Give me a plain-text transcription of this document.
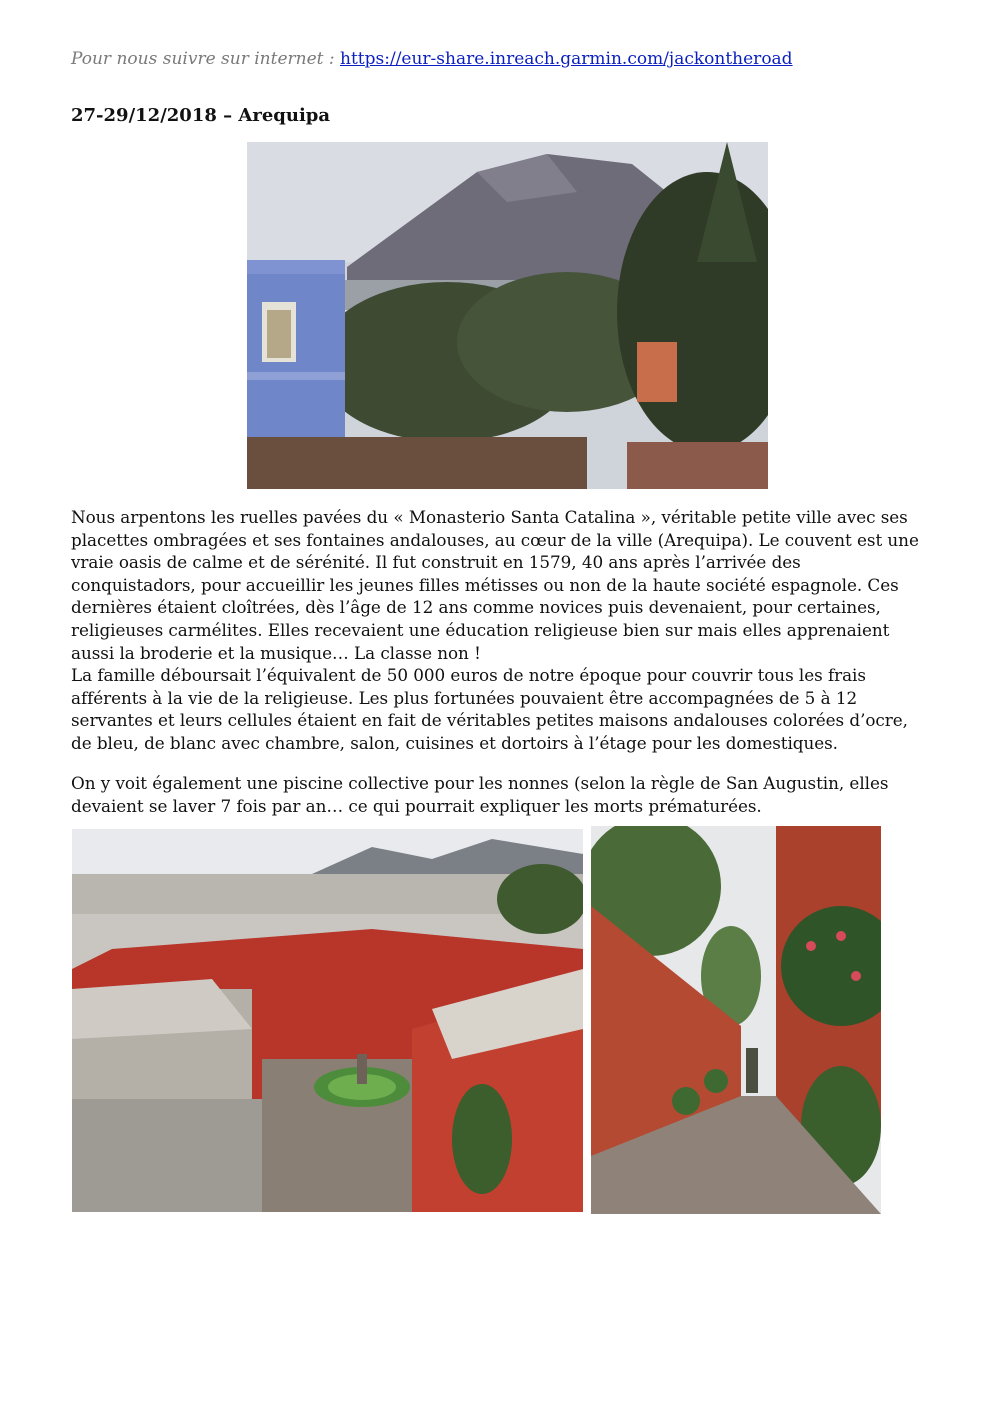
Pour nous suivre sur internet : https://eur-share.inreach.garmin.com/jackontheroad
27-29/12/2018 – Arequipa

Nous arpentons les ruelles pavées du « Monasterio Santa Catalina », véritable petite ville avec ses

placettes ombragées et ses fontaines andalouses, au cœur de la ville (Arequipa). Le couvent est une

vraie oasis de calme et de sérénité. Il fut construit en 1579, 40 ans après l’arrivée des

conquistadors, pour accueillir les jeunes filles métisses ou non de la haute société espagnole. Ces

dernières étaient cloîtrées, dès l’âge de 12 ans comme novices puis devenaient, pour certaines,

religieuses carmélites. Elles recevaient une éducation religieuse bien sur mais elles apprenaient

aussi la broderie et la musique… La classe non !

La famille déboursait l’équivalent de 50 000 euros de notre époque pour couvrir tous les frais

afférents à la vie de la religieuse. Les plus fortunées pouvaient être accompagnées de 5 à 12

servantes et leurs cellules étaient en fait de véritables petites maisons andalouses colorées d’ocre,

de bleu, de blanc avec chambre, salon, cuisines et dortoirs à l’étage pour les domestiques.

On y voit également une piscine collective pour les nonnes (selon la règle de San Augustin, elles

devaient se laver 7 fois par an… ce qui pourrait expliquer les morts prématurées.
